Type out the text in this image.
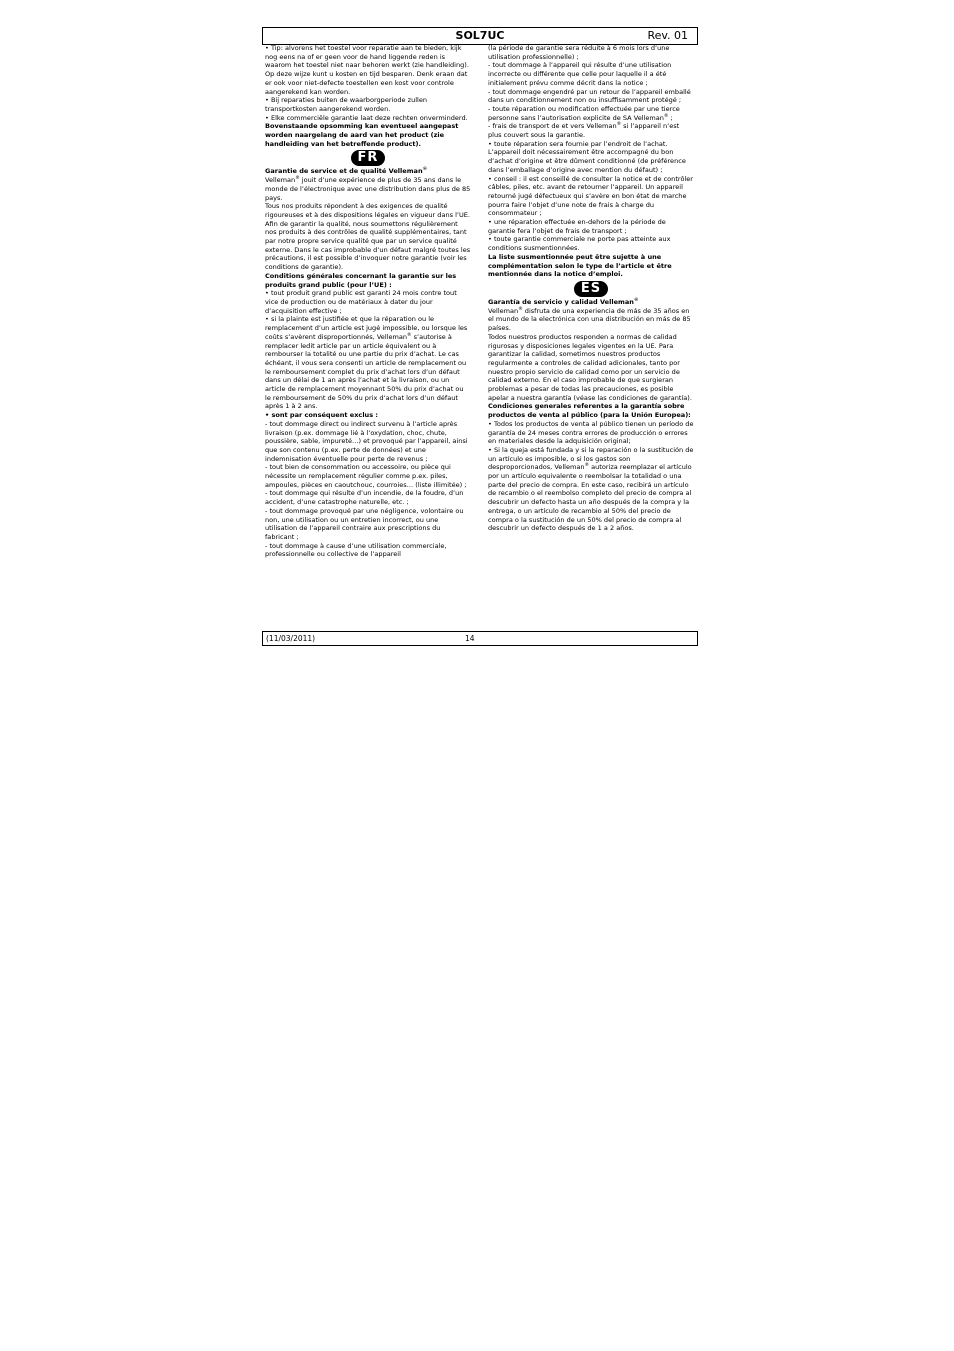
SOL7UC	Rev. 01

• Tip: alvorens het toestel voor reparatie aan te bieden, kijk nog eens na of er geen voor de hand liggende reden is waarom het toestel niet naar behoren werkt (zie handleiding). Op deze wijze kunt u kosten en tijd besparen. Denk eraan dat er ook voor niet-defecte toestellen een kost voor controle aangerekend kan worden.

• Bij reparaties buiten de waarborgperiode zullen transportkosten aangerekend worden.

• Elke commerciële garantie laat deze rechten onverminderd.

Bovenstaande opsomming kan eventueel aangepast worden naargelang de aard van het product (zie handleiding van het betreffende product).

FR

Garantie de service et de qualité Velleman®

Velleman® jouit d’une expérience de plus de 35 ans dans le monde de l’électronique avec une distribution dans plus de 85 pays.

Tous nos produits répondent à des exigences de qualité rigoureuses et à des dispositions légales en vigueur dans l’UE. Afin de garantir la qualité, nous soumettons régulièrement nos produits à des contrôles de qualité supplémentaires, tant par notre propre service qualité que par un service qualité externe. Dans le cas improbable d’un défaut malgré toutes les précautions, il est possible d’invoquer notre garantie (voir les conditions de garantie).

Conditions générales concernant la garantie sur les produits grand public (pour l’UE) :

• tout produit grand public est garanti 24 mois contre tout vice de production ou de matériaux à dater du jour d’acquisition effective ;

• si la plainte est justifiée et que la réparation ou le remplacement d’un article est jugé impossible, ou lorsque les coûts s’avèrent disproportionnés, Velleman® s’autorise à remplacer ledit article par un article équivalent ou à rembourser la totalité ou une partie du prix d’achat. Le cas échéant, il vous sera consenti un article de remplacement ou le remboursement complet du prix d’achat lors d’un défaut dans un délai de 1 an après l’achat et la livraison, ou un article de remplacement moyennant 50% du prix d’achat ou le remboursement de 50% du prix d’achat lors d’un défaut après 1 à 2 ans.

• sont par conséquent exclus :

- tout dommage direct ou indirect survenu à l’article après livraison (p.ex. dommage lié à l’oxydation, choc, chute, poussière, sable, impureté…) et provoqué par l’appareil, ainsi que son contenu (p.ex. perte de données) et une indemnisation éventuelle pour perte de revenus ;

- tout bien de consommation ou accessoire, ou pièce qui nécessite un remplacement régulier comme p.ex. piles, ampoules, pièces en caoutchouc, courroies… (liste illimitée) ;

- tout dommage qui résulte d’un incendie, de la foudre, d’un accident, d’une catastrophe naturelle, etc. ;

- tout dommage provoqué par une négligence, volontaire ou non, une utilisation ou un entretien incorrect, ou une utilisation de l’appareil contraire aux prescriptions du fabricant ;

- tout dommage à cause d’une utilisation commerciale, professionnelle ou collective de l’appareil

(la période de garantie sera réduite à 6 mois lors d’une utilisation professionnelle) ;

- tout dommage à l’appareil qui résulte d’une utilisation incorrecte ou différente que celle pour laquelle il a été initialement prévu comme décrit dans la notice ;

- tout dommage engendré par un retour de l’appareil emballé dans un conditionnement non ou insuffisamment protégé ;

- toute réparation ou modification effectuée par une tierce personne sans l’autorisation explicite de SA Velleman® ;

- frais de transport de et vers Velleman® si l’appareil n’est plus couvert sous la garantie.

• toute réparation sera fournie par l’endroit de l’achat. L’appareil doit nécessairement être accompagné du bon d’achat d’origine et être dûment conditionné (de préférence dans l’emballage d’origine avec mention du défaut) ;

• conseil : il est conseillé de consulter la notice et de contrôler câbles, piles, etc. avant de retourner l’appareil. Un appareil retourné jugé défectueux qui s’avère en bon état de marche pourra faire l’objet d’une note de frais à charge du consommateur ;

• une réparation effectuée en-dehors de la période de garantie fera l’objet de frais de transport ;

• toute garantie commerciale ne porte pas atteinte aux conditions susmentionnées.

La liste susmentionnée peut être sujette à une complémentation selon le type de l’article et être mentionnée dans la notice d’emploi.

ES

Garantía de servicio y calidad Velleman®

Velleman® disfruta de una experiencia de más de 35 años en el mundo de la electrónica con una distribución en más de 85 países.

Todos nuestros productos responden a normas de calidad rigurosas y disposiciones legales vigentes en la UE. Para garantizar la calidad, sometimos nuestros productos regularmente a controles de calidad adicionales, tanto por nuestro propio servicio de calidad como por un servicio de calidad externo. En el caso improbable de que surgieran problemas a pesar de todas las precauciones, es posible apelar a nuestra garantía (véase las condiciones de garantía).

Condiciones generales referentes a la garantía sobre productos de venta al público (para la Unión Europea):

• Todos los productos de venta al público tienen un período de garantía de 24 meses contra errores de producción o errores en materiales desde la adquisición original;

• Si la queja está fundada y si la reparación o la sustitución de un artículo es imposible, o si los gastos son desproporcionados, Velleman® autoriza reemplazar el artículo por un artículo equivalente o reembolsar la totalidad o una parte del precio de compra. En este caso, recibirá un artículo de recambio o el reembolso completo del precio de compra al descubrir un defecto hasta un año después de la compra y la entrega, o un artículo de recambio al 50% del precio de compra o la sustitución de un 50% del precio de compra al descubrir un defecto después de 1 a 2 años.

(11/03/2011)	14
